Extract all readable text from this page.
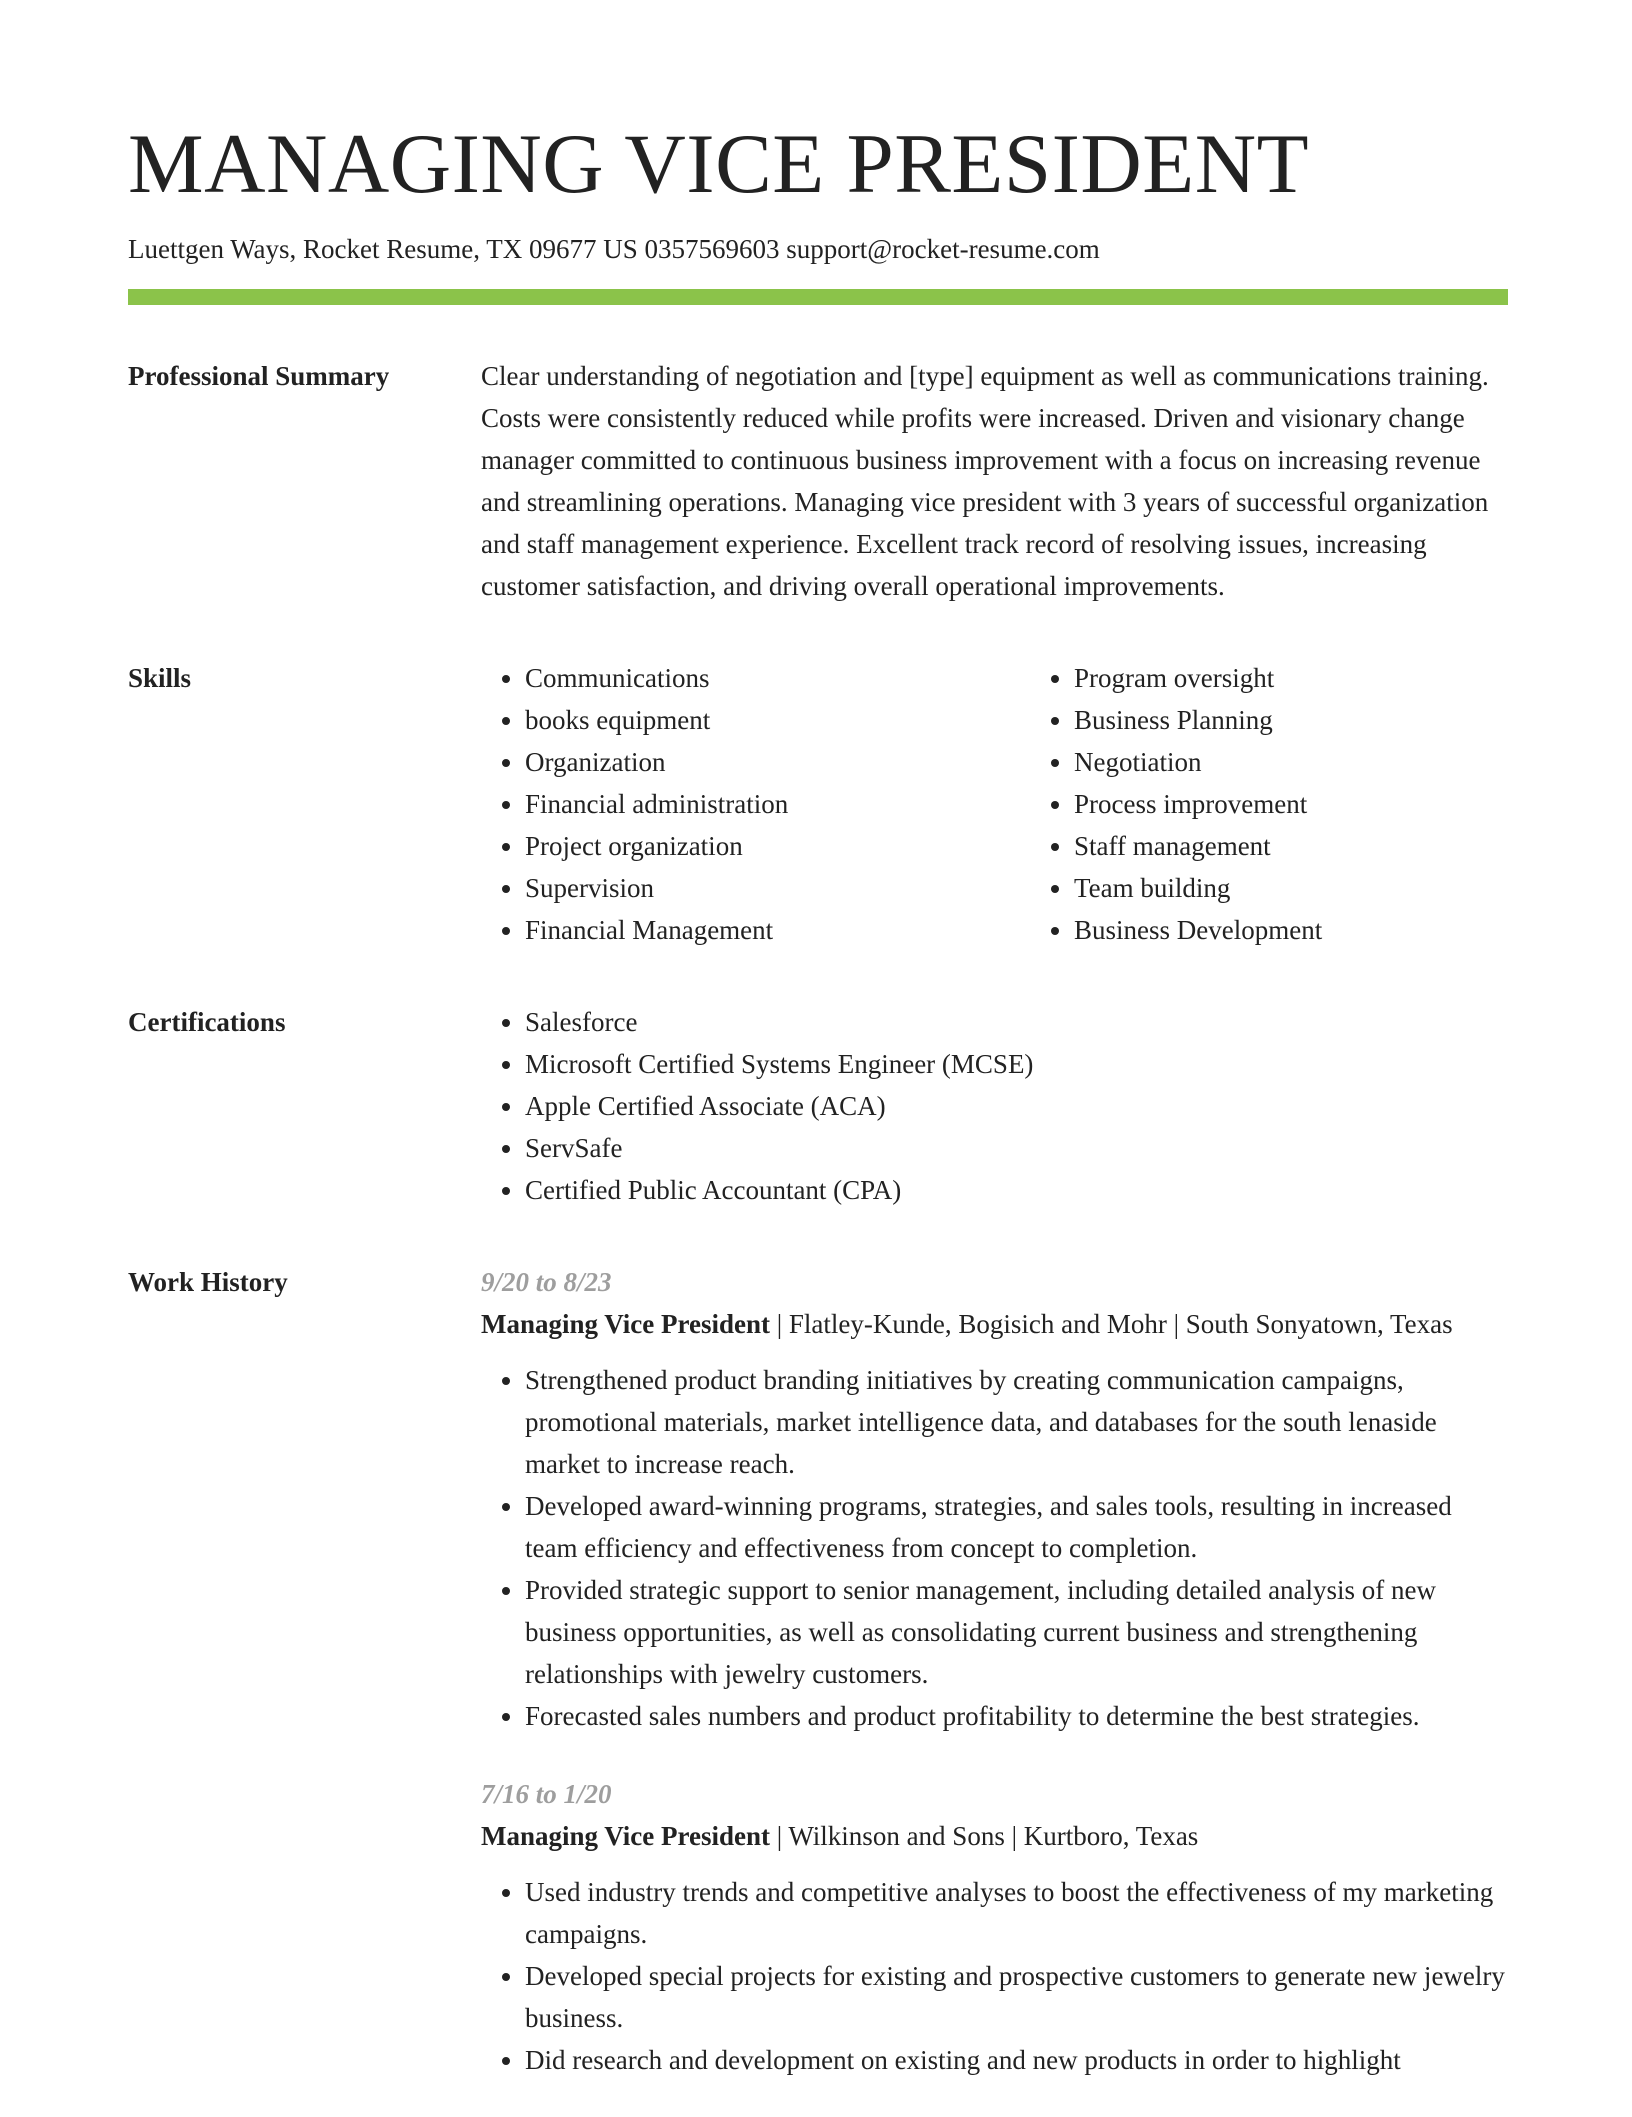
MANAGING VICE PRESIDENT
Luettgen Ways, Rocket Resume, TX 09677 US 0357569603 support@rocket-resume.com
Professional Summary	Clear understanding of negotiation and [type] equipment as well as communications training. Costs were consistently reduced while profits were increased. Driven and visionary change manager committed to continuous business improvement with a focus on increasing revenue and streamlining operations. Managing vice president with 3 years of successful organization and staff management experience. Excellent track record of resolving issues, increasing customer satisfaction, and driving overall operational improvements.

Skills	• Communications
• books equipment
• Organization
• Financial administration
• Project organization
• Supervision
• Financial Management
• Program oversight
• Business Planning
• Negotiation
• Process improvement
• Staff management
• Team building
• Business Development
Certifications	• Salesforce
• Microsoft Certified Systems Engineer (MCSE)
• Apple Certified Associate (ACA)
• ServSafe
• Certified Public Accountant (CPA)
Work History	9/20 to 8/23
Managing Vice President | Flatley-Kunde, Bogisich and Mohr | South Sonyatown, Texas
• Strengthened product branding initiatives by creating communication campaigns, promotional materials, market intelligence data, and databases for the south lenaside market to increase reach.
• Developed award-winning programs, strategies, and sales tools, resulting in increased team efficiency and effectiveness from concept to completion.
• Provided strategic support to senior management, including detailed analysis of new business opportunities, as well as consolidating current business and strengthening relationships with jewelry customers.
• Forecasted sales numbers and product profitability to determine the best strategies.
7/16 to 1/20
Managing Vice President | Wilkinson and Sons | Kurtboro, Texas
• Used industry trends and competitive analyses to boost the effectiveness of my marketing campaigns.
• Developed special projects for existing and prospective customers to generate new jewelry business.
• Did research and development on existing and new products in order to highlight
